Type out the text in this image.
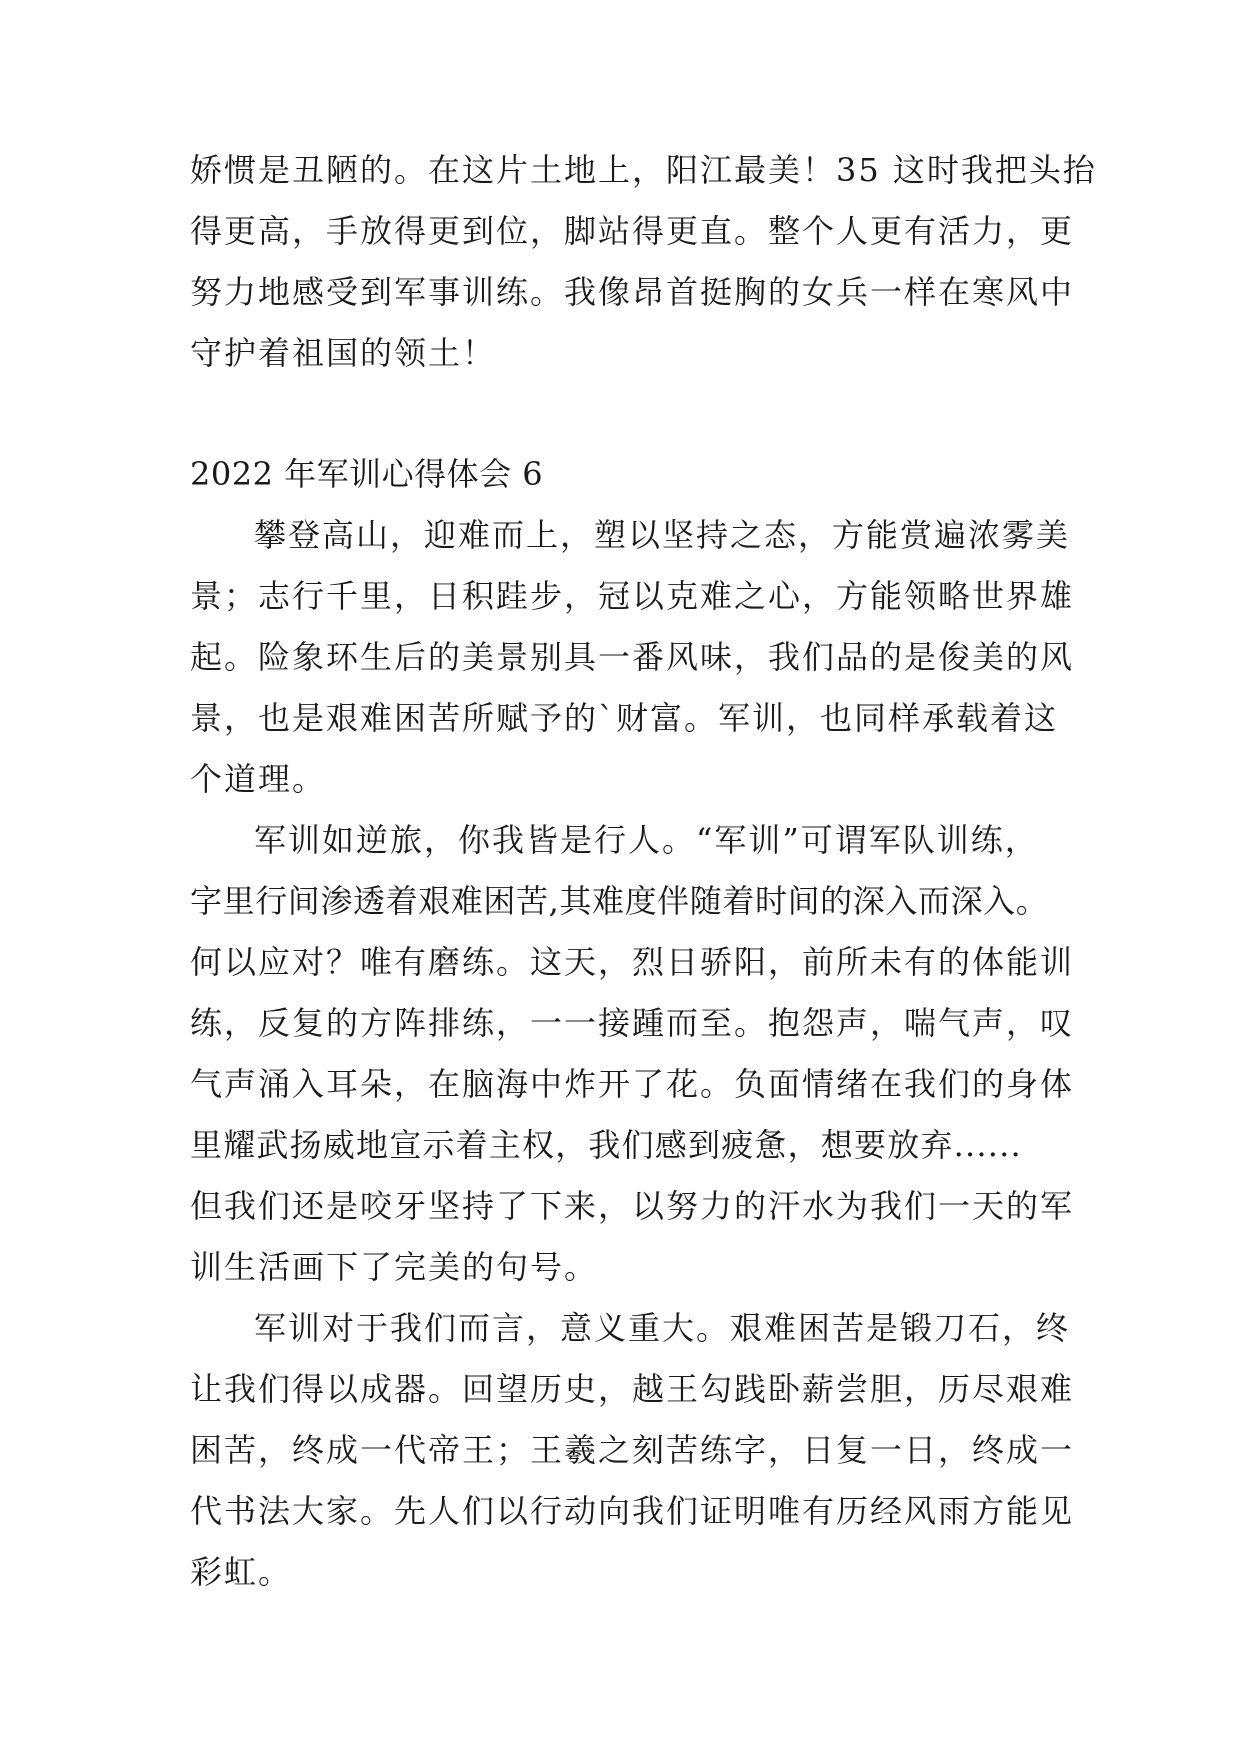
娇惯是丑陋的。在这片土地上，阳江最美！35 这时我把头抬
得更高，手放得更到位，脚站得更直。整个人更有活力，更
努力地感受到军事训练。我像昂首挺胸的女兵一样在寒风中
守护着祖国的领土！
2022 年军训心得体会 6
攀登高山，迎难而上，塑以坚持之态，方能赏遍浓雾美
景；志行千里，日积跬步，冠以克难之心，方能领略世界雄
起。险象环生后的美景别具一番风味，我们品的是俊美的风
景，也是艰难困苦所赋予的`财富。军训，也同样承载着这
个道理。
军训如逆旅，你我皆是行人。“军训”可谓军队训练，
字里行间渗透着艰难困苦,其难度伴随着时间的深入而深入。
何以应对？唯有磨练。这天，烈日骄阳，前所未有的体能训
练，反复的方阵排练，一一接踵而至。抱怨声，喘气声，叹
气声涌入耳朵，在脑海中炸开了花。负面情绪在我们的身体
里耀武扬威地宣示着主权，我们感到疲惫，想要放弃......
但我们还是咬牙坚持了下来，以努力的汗水为我们一天的军
训生活画下了完美的句号。
军训对于我们而言，意义重大。艰难困苦是锻刀石，终
让我们得以成器。回望历史，越王勾践卧薪尝胆，历尽艰难
困苦，终成一代帝王；王羲之刻苦练字，日复一日，终成一
代书法大家。先人们以行动向我们证明唯有历经风雨方能见
彩虹。
